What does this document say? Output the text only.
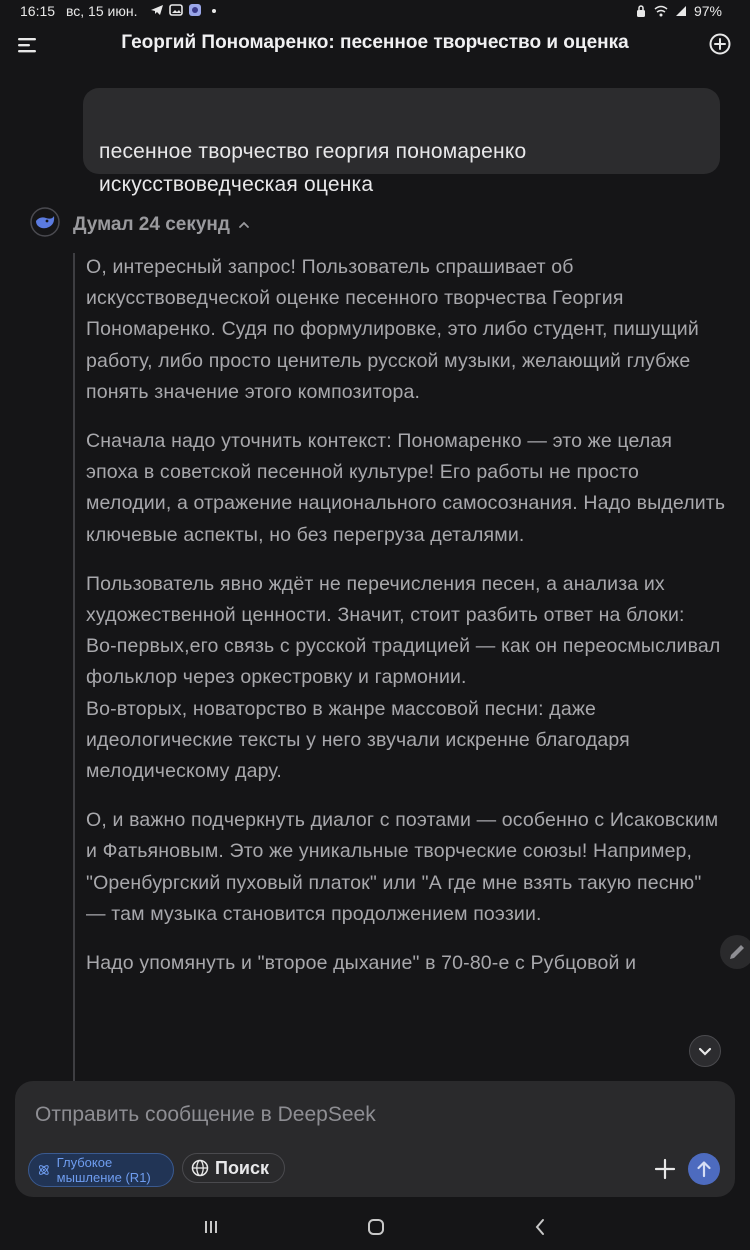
16:15 вс, 15 июн.	97%
Георгий Пономаренко: песенное творчество и оценка

песенное творчество георгия пономаренко
искусствоведческая оценка

Думал 24 секунд

О, интересный запрос! Пользователь спрашивает об искусствоведческой оценке песенного творчества Георгия Пономаренко. Судя по формулировке, это либо студент, пишущий работу, либо просто ценитель русской музыки, желающий глубже понять значение этого композитора.

Сначала надо уточнить контекст: Пономаренко — это же целая эпоха в советской песенной культуре! Его работы не просто мелодии, а отражение национального самосознания. Надо выделить ключевые аспекты, но без перегруза деталями.

Пользователь явно ждёт не перечисления песен, а анализа их художественной ценности. Значит, стоит разбить ответ на блоки:
Во-первых,его связь с русской традицией — как он переосмысливал фольклор через оркестровку и гармонии.
Во-вторых, новаторство в жанре массовой песни: даже идеологические тексты у него звучали искренне благодаря мелодическому дару.

О, и важно подчеркнуть диалог с поэтами — особенно с Исаковским и Фатьяновым. Это же уникальные творческие союзы! Например, "Оренбургский пуховый платок" или "А где мне взять такую песню" — там музыка становится продолжением поэзии.

Надо упомянуть и "второе дыхание" в 70-80-е с Рубцовой и

Отправить сообщение в DeepSeek
Глубокое мышление (R1)	Поиск
